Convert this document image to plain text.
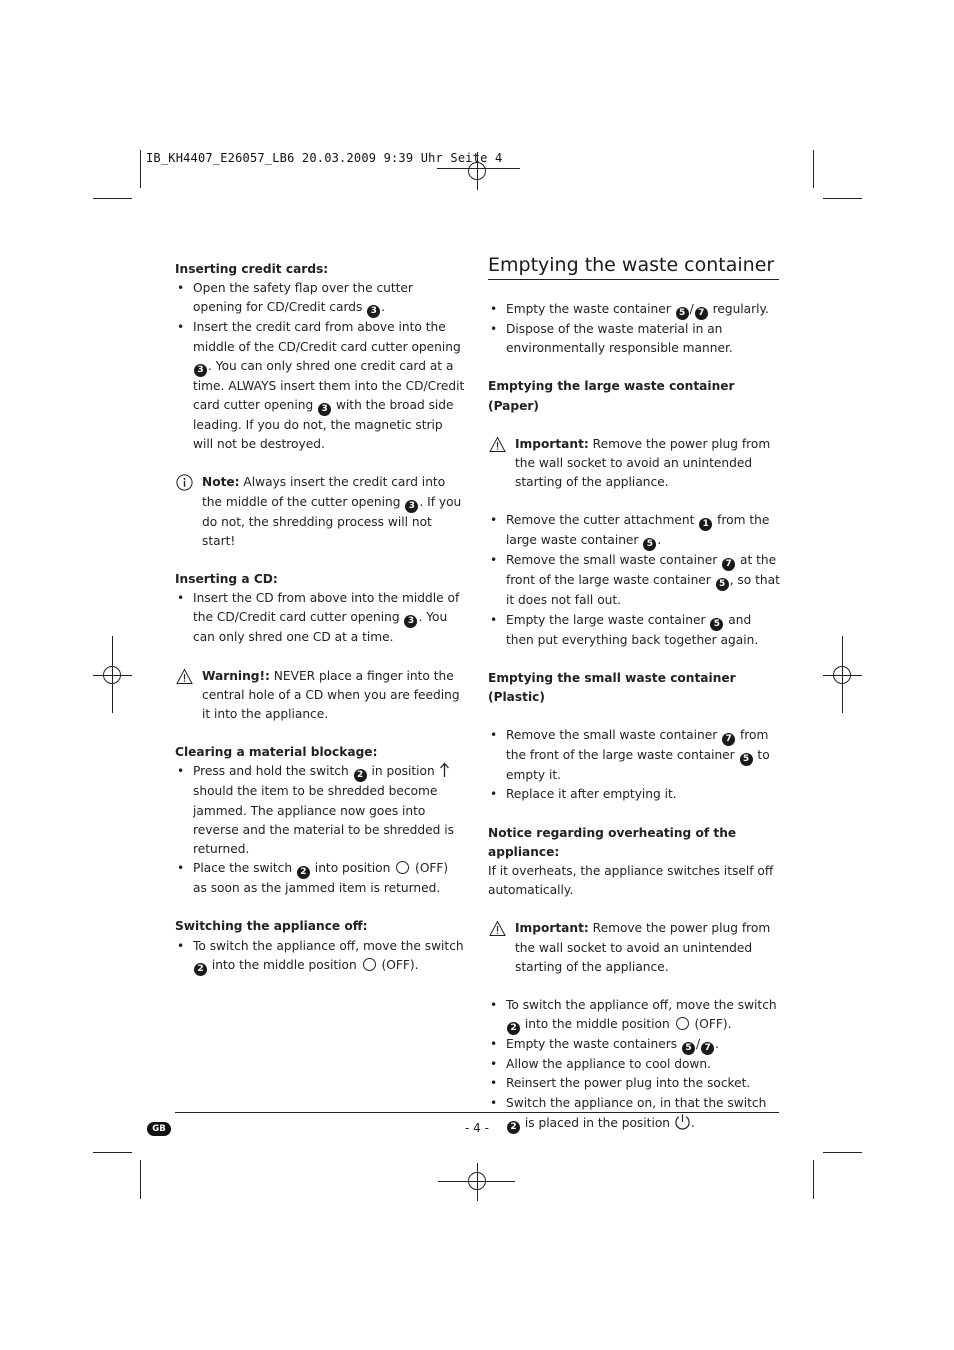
IB_KH4407_E26057_LB6 20.03.2009 9:39 Uhr Seite 4

Inserting credit cards:

• Open the safety flap over the cutter opening for CD/Credit cards 3 .
• Insert the credit card from above into the middle of the CD/Credit card cutter opening 3 . You can only shred one credit card at a time. ALWAYS insert them into the CD/Credit card cutter opening 3 with the broad side leading. If you do not, the magnetic strip will not be destroyed.
Note: Always insert the credit card into the middle of the cutter opening 3 . If you do not, the shredding process will not start!

Inserting a CD:

• Insert the CD from above into the middle of the CD/Credit card cutter opening 3 . You can only shred one CD at a time.
Warning!: NEVER place a finger into the central hole of a CD when you are feeding it into the appliance.

Clearing a material blockage:

• Press and hold the switch 2 in position  should the item to be shredded become jammed. The appliance now goes into reverse and the material to be shredded is returned.
• Place the switch 2 into position  (OFF) as soon as the jammed item is returned.

Switching the appliance off:

• To switch the appliance off, move the switch 2 into the middle position  (OFF).
Emptying the waste container
• Empty the waste container 5 / 7 regularly.
• Dispose of the waste material in an environmentally responsible manner.

Emptying the large waste container
(Paper)

Important: Remove the power plug from the wall socket to avoid an unintended starting of the appliance.
• Remove the cutter attachment 1 from the large waste container 5 .
• Remove the small waste container 7 at the front of the large waste container 5 , so that it does not fall out.
• Empty the large waste container 5 and then put everything back together again.

Emptying the small waste container (Plastic)

• Remove the small waste container 7 from the front of the large waste container 5 to empty it.
• Replace it after emptying it.

Notice regarding overheating of the appliance:

If it overheats, the appliance switches itself off automatically.

Important: Remove the power plug from the wall socket to avoid an unintended starting of the appliance.
• To switch the appliance off, move the switch 2 into the middle position  (OFF).
• Empty the waste containers 5 / 7 .
• Allow the appliance to cool down.
• Reinsert the power plug into the socket.
• Switch the appliance on, in that the switch 2 is placed in the position .
GB	- 4 -
